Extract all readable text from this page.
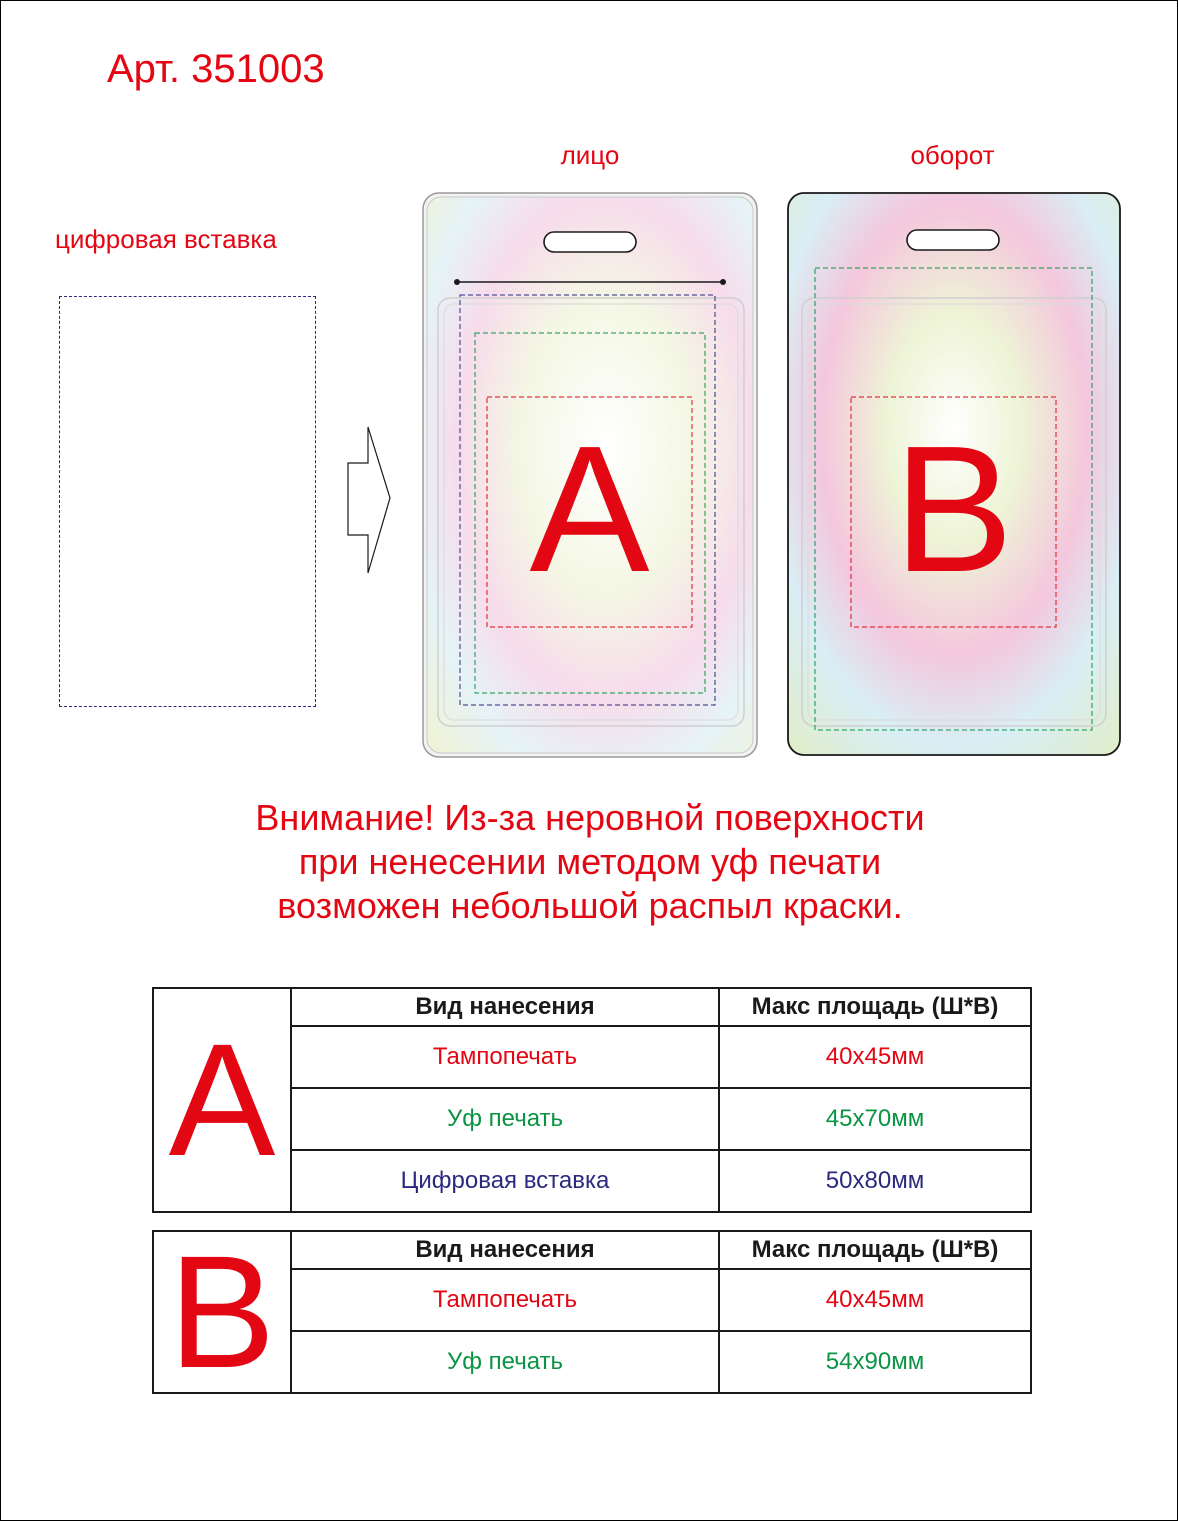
Арт. 351003
лицо	оборот
цифровая вставка
A B
Внимание! Из-за неровной поверхности
при ненесении методом уф печати
возможен небольшой распыл краски.
A	Вид нанесения	Макс площадь (Ш*В)
	Тампопечать	40х45мм
	Уф печать	45х70мм
	Цифровая вставка	50х80мм
B	Вид нанесения	Макс площадь (Ш*В)
	Тампопечать	40х45мм
	Уф печать	54х90мм
